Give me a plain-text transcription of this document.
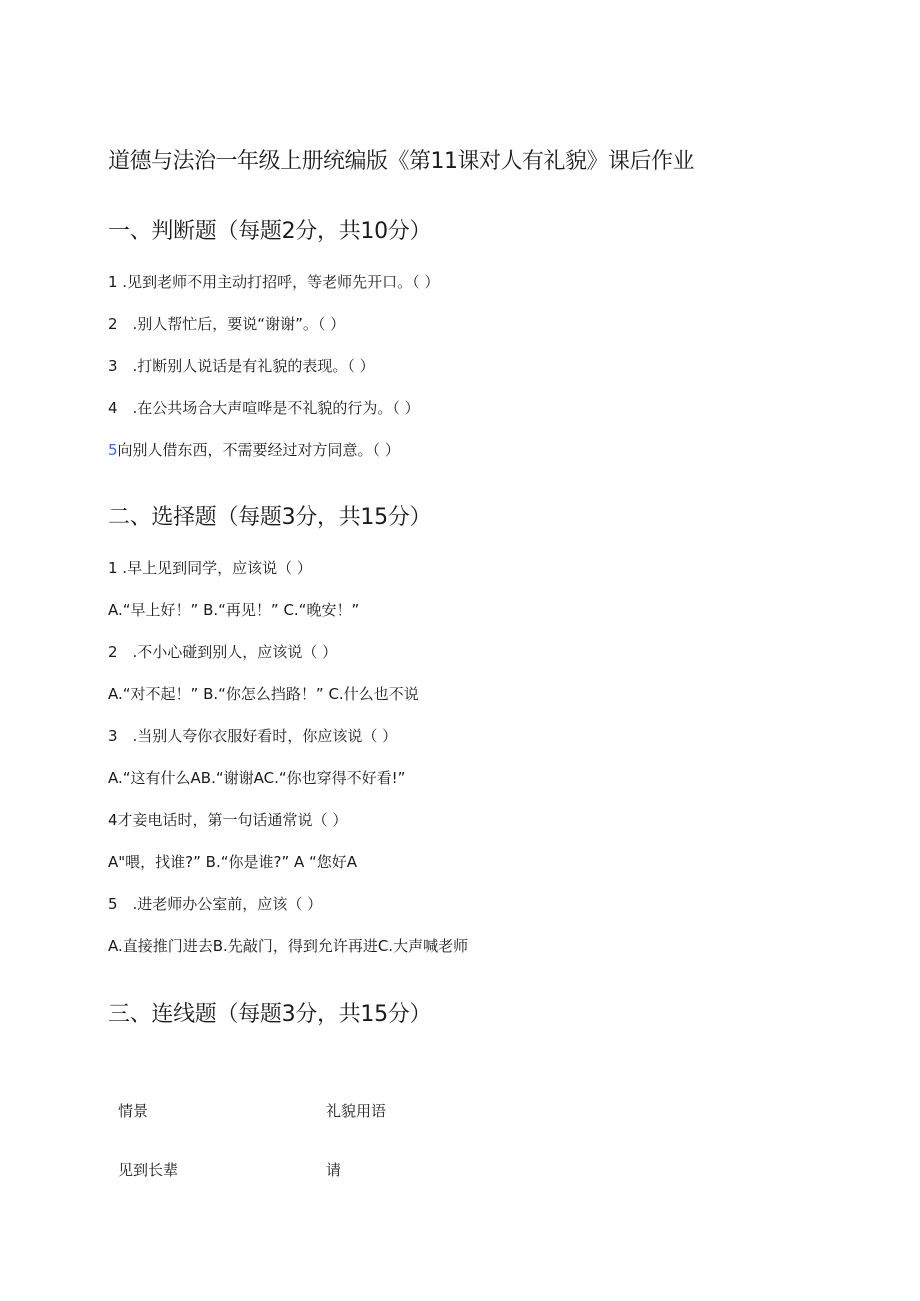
道德与法治一年级上册统编版《第11课对人有礼貌》课后作业
一、判断题（每题2分，共10分）
1 .见到老师不用主动打招呼，等老师先开口。（ ）
2　.别人帮忙后，要说“谢谢”。（ ）
3　.打断别人说话是有礼貌的表现。（ ）
4　.在公共场合大声喧哗是不礼貌的行为。（ ）
5向别人借东西，不需要经过对方同意。（ ）
二、选择题（每题3分，共15分）
1 .早上见到同学，应该说（ ）
A.“早上好！” B.“再见！” C.“晚安！”
2　.不小心碰到别人，应该说（ ）
A.“对不起！” B.“你怎么挡路！” C.什么也不说
3　.当别人夸你衣服好看时，你应该说（ ）
A.“这有什么AB.“谢谢AC.“你也穿得不好看!”
4才妾电话时，第一句话通常说（ ）
A"喂，找谁?” B.“你是谁?” A “您好A
5　.进老师办公室前，应该（ ）
A.直接推门进去B.先敲门，得到允许再进C.大声喊老师
三、连线题（每题3分，共15分）
情景	礼貌用语
见到长辈	请
